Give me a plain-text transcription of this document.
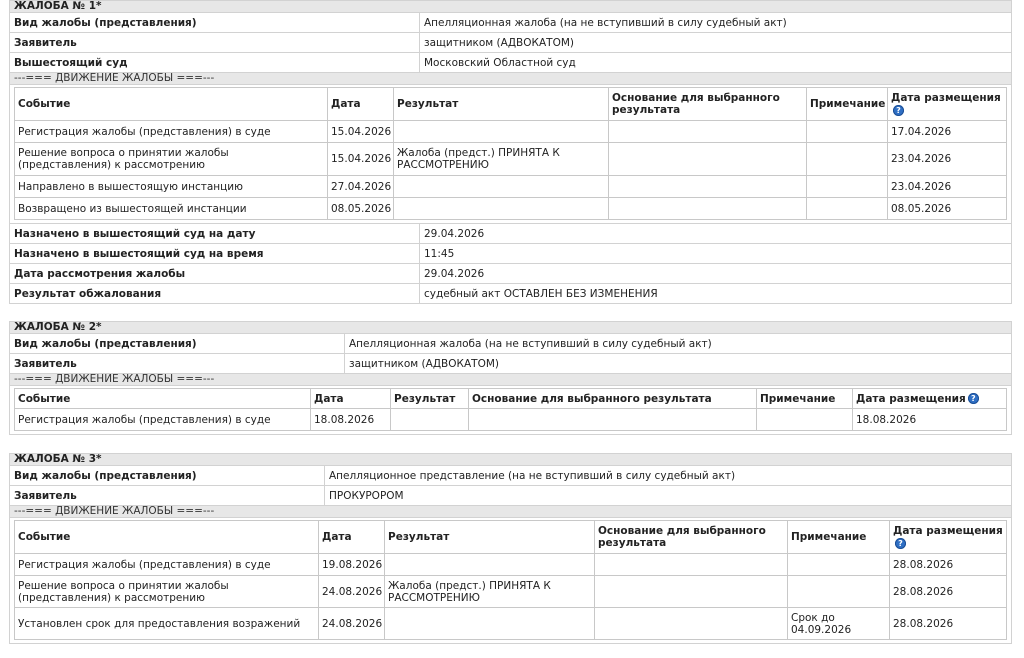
ЖАЛОБА № 1*
Вид жалобы (представления)	Апелляционная жалоба (на не вступивший в силу судебный акт)
Заявитель	защитником (АДВОКАТОМ)
Вышестоящий суд	Московский Областной суд
---=== ДВИЖЕНИЕ ЖАЛОБЫ ===---

Событие	Дата	Результат	Основание для выбранного результата	Примечание	Дата размещения
?
Регистрация жалобы (представления) в суде	15.04.2026				17.04.2026
Решение вопроса о принятии жалобы (представления) к рассмотрению	15.04.2026	Жалоба (предст.) ПРИНЯТА К РАССМОТРЕНИЮ			23.04.2026
Направлено в вышестоящую инстанцию	27.04.2026				23.04.2026
Возвращено из вышестоящей инстанции	08.05.2026				08.05.2026

Назначено в вышестоящий суд на дату	29.04.2026
Назначено в вышестоящий суд на время	11:45
Дата рассмотрения жалобы	29.04.2026
Результат обжалования	судебный акт ОСТАВЛЕН БЕЗ ИЗМЕНЕНИЯ
ЖАЛОБА № 2*
Вид жалобы (представления)	Апелляционная жалоба (на не вступивший в силу судебный акт)
Заявитель	защитником (АДВОКАТОМ)
---=== ДВИЖЕНИЕ ЖАЛОБЫ ===---

Событие	Дата	Результат	Основание для выбранного результата	Примечание	Дата размещения ?
Регистрация жалобы (представления) в суде	18.08.2026				18.08.2026
ЖАЛОБА № 3*
Вид жалобы (представления)	Апелляционное представление (на не вступивший в силу судебный акт)
Заявитель	ПРОКУРОРОМ
---=== ДВИЖЕНИЕ ЖАЛОБЫ ===---

Событие	Дата	Результат	Основание для выбранного результата	Примечание	Дата размещения?
Регистрация жалобы (представления) в суде	19.08.2026				28.08.2026
Решение вопроса о принятии жалобы (представления) к рассмотрению	24.08.2026	Жалоба (предст.) ПРИНЯТА К РАССМОТРЕНИЮ			28.08.2026
Установлен срок для предоставления возражений	24.08.2026			Срок до 04.09.2026	28.08.2026
